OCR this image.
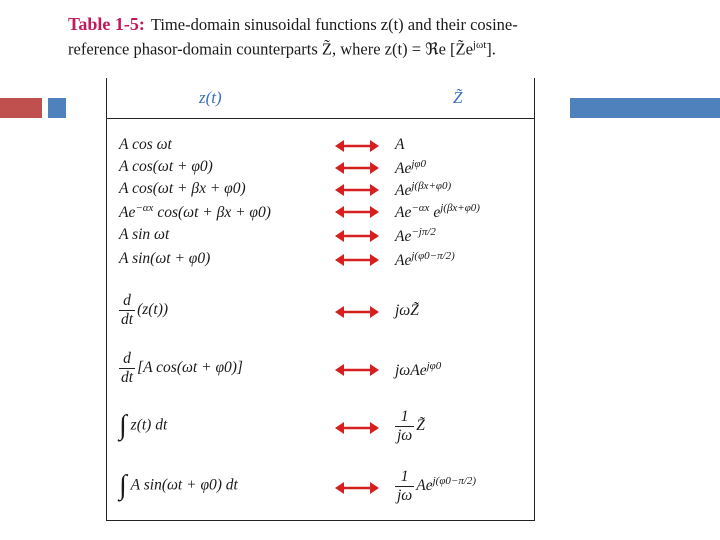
Table 1-5: Time-domain sinusoidal functions z(t) and their cosine-
reference phasor-domain counterparts Z̃, where z(t) = ℜe $[Z̃e^{j\omega t}]$.
z(t)	Z̃
A cos ωt	A
A cos(ωt + φ0)	$Ae^{j\varphi 0}$
A cos(ωt + βx + φ0)	$Ae^{j(\beta x+\varphi 0)}$
$Ae^{-\alpha x}$ cos(ωt + βx + φ0)	$Ae^{-\alpha x}$ $e^{j(\beta x+\varphi 0)}$
A sin ωt	$Ae^{-j\pi/2}$
A sin(ωt + φ0)	$Ae^{j(\varphi 0-\pi/2)}$
$\frac{d}{dt} (z(t))$	jωZ̃
$\frac{d}{dt} [A$ cos(ωt + φ0)]	jωAe$^{j\varphi 0}$
∫ z(t) dt	$\frac{1}{j\omega}$ Z̃
∫ A sin(ωt + φ0) dt	$\frac{1}{j\omega} Ae^{j(\varphi 0-\pi/2)}$
